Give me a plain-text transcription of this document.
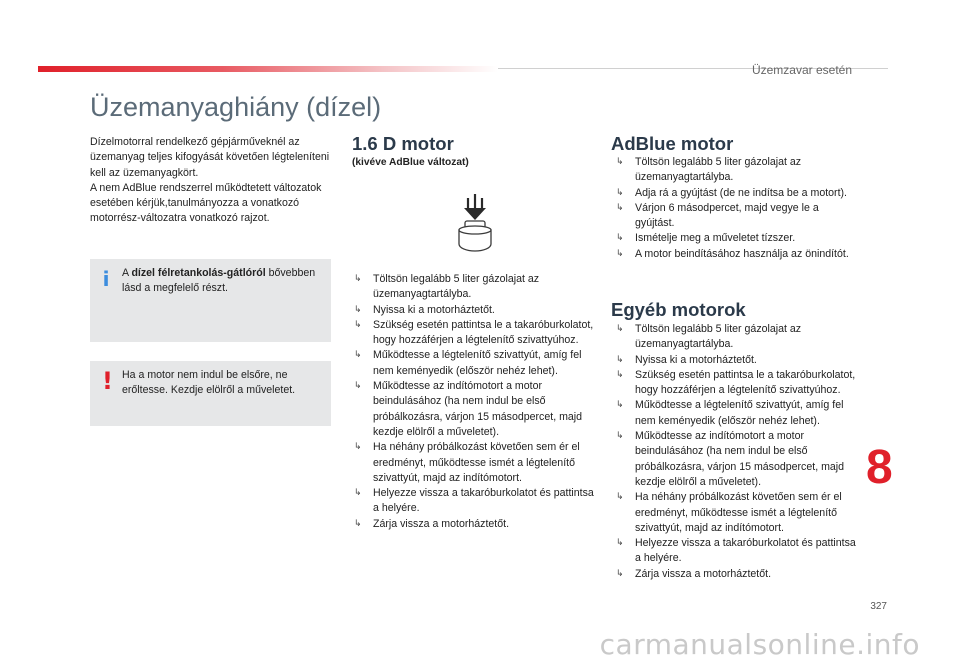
Üzemzavar esetén
Üzemanyaghiány (dízel)

Dízelmotorral rendelkező gépjárműveknél az üzemanyag teljes kifogyását követően légteleníteni kell az üzemanyagkört.

A nem AdBlue rendszerrel működtetett változatok esetében kérjük,tanulmányozza a vonatkozó motorrész-változatra vonatkozó rajzot.

i A dízel félretankolás-gátlóról bővebben lásd a megfelelő részt.
! Ha a motor nem indul be elsőre, ne erőltesse. Kezdje elölről a műveletet.
1.6 D motor
(kivéve AdBlue változat)
↳ Töltsön legalább 5 liter gázolajat az üzemanyagtartályba.
↳ Nyissa ki a motorháztetőt.
↳ Szükség esetén pattintsa le a takaróburkolatot, hogy hozzáférjen a légtelenítő szivattyúhoz.
↳ Működtesse a légtelenítő szivattyút, amíg fel nem keményedik (először nehéz lehet).
↳ Működtesse az indítómotort a motor beindulásához (ha nem indul be első próbálkozásra, várjon 15 másodpercet, majd kezdje elölről a műveletet).
↳ Ha néhány próbálkozást követően sem ér el eredményt, működtesse ismét a légtelenítő szivattyút, majd az indítómotort.
↳ Helyezze vissza a takaróburkolatot és pattintsa a helyére.
↳ Zárja vissza a motorháztetőt.
AdBlue motor
↳ Töltsön legalább 5 liter gázolajat az üzemanyagtartályba.
↳ Adja rá a gyújtást (de ne indítsa be a motort).
↳ Várjon 6 másodpercet, majd vegye le a gyújtást.
↳ Ismételje meg a műveletet tízszer.
↳ A motor beindításához használja az önindítót.
Egyéb motorok
↳ Töltsön legalább 5 liter gázolajat az üzemanyagtartályba.
↳ Nyissa ki a motorháztetőt.
↳ Szükség esetén pattintsa le a takaróburkolatot, hogy hozzáférjen a légtelenítő szivattyúhoz.
↳ Működtesse a légtelenítő szivattyút, amíg fel nem keményedik (először nehéz lehet).
↳ Működtesse az indítómotort a motor beindulásához (ha nem indul be első próbálkozásra, várjon 15 másodpercet, majd kezdje elölről a műveletet).
↳ Ha néhány próbálkozást követően sem ér el eredményt, működtesse ismét a légtelenítő szivattyút, majd az indítómotort.
↳ Helyezze vissza a takaróburkolatot és pattintsa a helyére.
↳ Zárja vissza a motorháztetőt.
8
327
carmanualsonline.info
